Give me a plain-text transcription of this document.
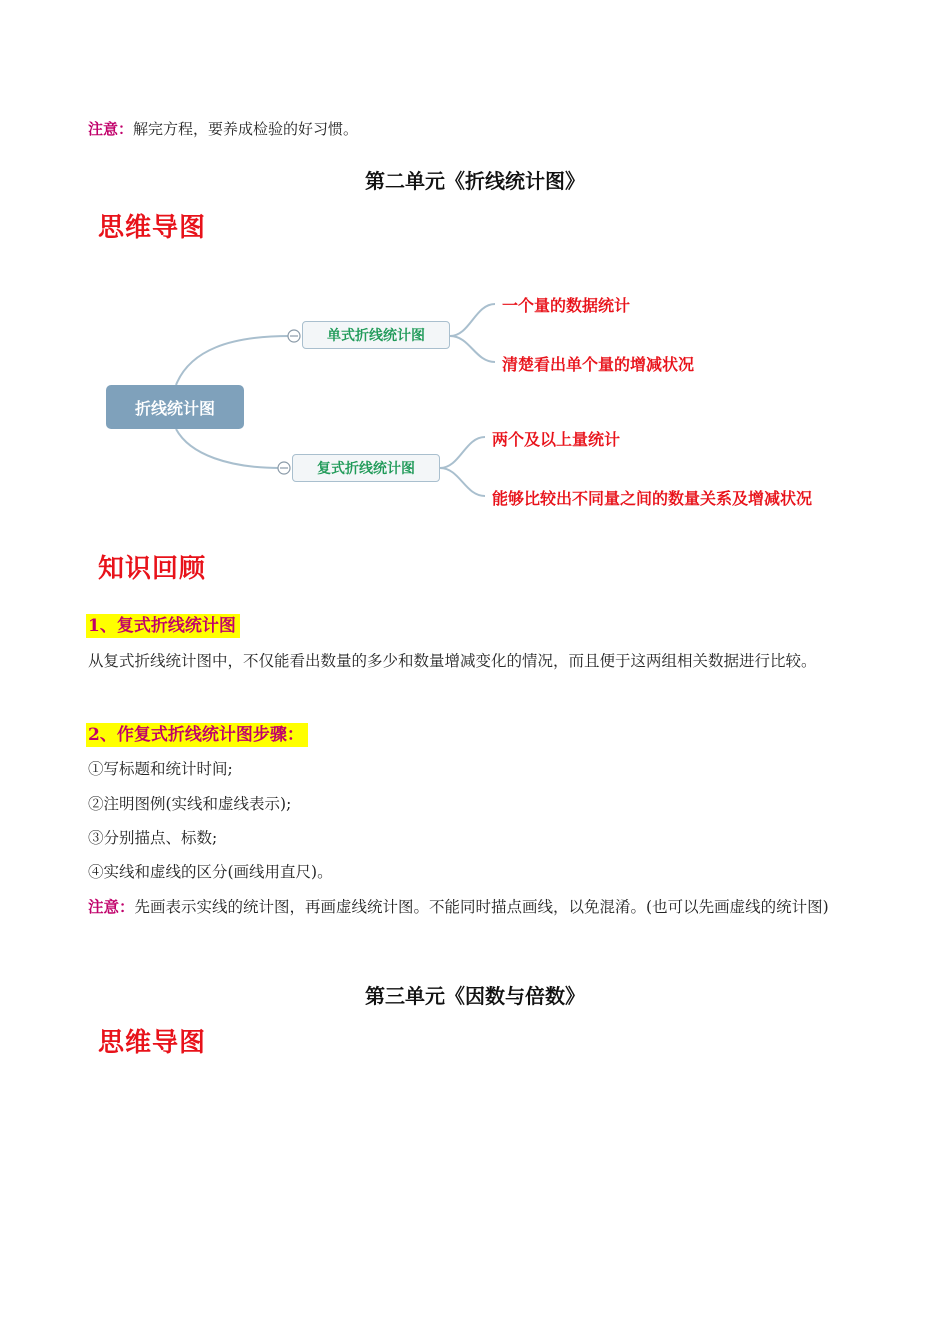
注意：解完方程，要养成检验的好习惯。
第二单元《折线统计图》
思维导图
折线统计图
单式折线统计图
复式折线统计图
一个量的数据统计
清楚看出单个量的增减状况
两个及以上量统计
能够比较出不同量之间的数量关系及增减状况
知识回顾
1、复式折线统计图
从复式折线统计图中，不仅能看出数量的多少和数量增减变化的情况，而且便于这两组相关数据进行比较。
2、作复式折线统计图步骤：
①写标题和统计时间;
②注明图例(实线和虚线表示);
③分别描点、标数;
④实线和虚线的区分(画线用直尺)。
注意：先画表示实线的统计图，再画虚线统计图。不能同时描点画线，以免混淆。(也可以先画虚线的统计图)
第三单元《因数与倍数》
思维导图
